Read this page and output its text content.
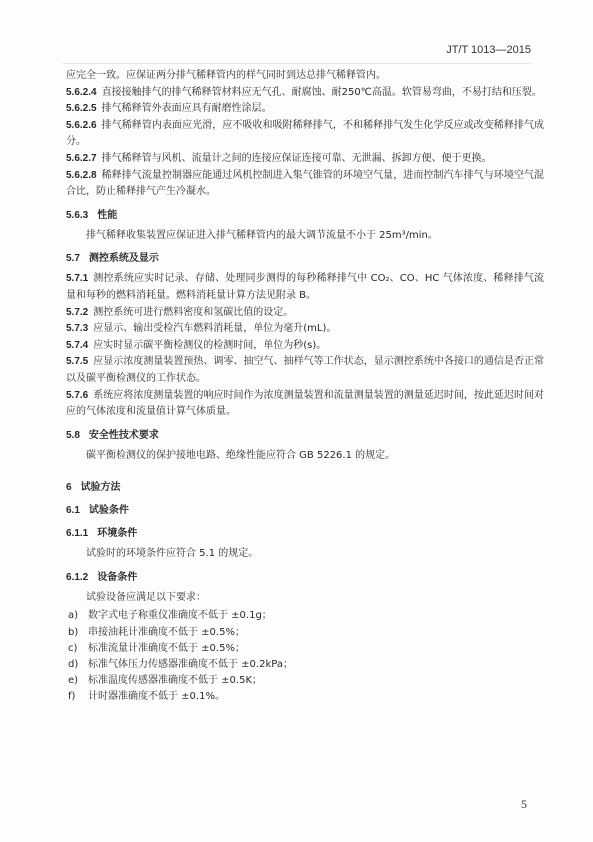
JT/T 1013—2015
应完全一致。应保证两分排气稀释管内的样气同时到达总排气稀释管内。
5.6.2.4 直接接触排气的排气稀释管材料应无气孔、耐腐蚀、耐250℃高温。软管易弯曲，不易打结和压裂。
5.6.2.5 排气稀释管外表面应具有耐磨性涂层。
5.6.2.6 排气稀释管内表面应光滑，应不吸收和吸附稀释排气，不和稀释排气发生化学反应或改变稀释排气成分。
5.6.2.7 排气稀释管与风机、流量计之间的连接应保证连接可靠、无泄漏、拆卸方便、便于更换。
5.6.2.8 稀释排气流量控制器应能通过风机控制进入集气锥管的环境空气量，进而控制汽车排气与环境空气混合比，防止稀释排气产生冷凝水。
5.6.3 性能
排气稀释收集装置应保证进入排气稀释管内的最大调节流量不小于 25m³/min。
5.7 测控系统及显示
5.7.1 测控系统应实时记录、存储、处理同步测得的每秒稀释排气中 CO₂、CO、HC 气体浓度、稀释排气流量和每秒的燃料消耗量。燃料消耗量计算方法见附录 B。
5.7.2 测控系统可进行燃料密度和氢碳比值的设定。
5.7.3 应显示、输出受检汽车燃料消耗量，单位为毫升(mL)。
5.7.4 应实时显示碳平衡检测仪的检测时间，单位为秒(s)。
5.7.5 应显示浓度测量装置预热、调零、抽空气、抽样气等工作状态，显示测控系统中各接口的通信是否正常以及碳平衡检测仪的工作状态。
5.7.6 系统应将浓度测量装置的响应时间作为浓度测量装置和流量测量装置的测量延迟时间，按此延迟时间对应的气体浓度和流量值计算气体质量。
5.8 安全性技术要求
碳平衡检测仪的保护接地电路、绝缘性能应符合 GB 5226.1 的规定。
6 试验方法
6.1 试验条件
6.1.1 环境条件
试验时的环境条件应符合 5.1 的规定。
6.1.2 设备条件
试验设备应满足以下要求：
a) 数字式电子称重仪准确度不低于 ±0.1g；
b) 串接油耗计准确度不低于 ±0.5%；
c) 标准流量计准确度不低于 ±0.5%；
d) 标准气体压力传感器准确度不低于 ±0.2kPa；
e) 标准温度传感器准确度不低于 ±0.5K；
f) 计时器准确度不低于 ±0.1%。
5
